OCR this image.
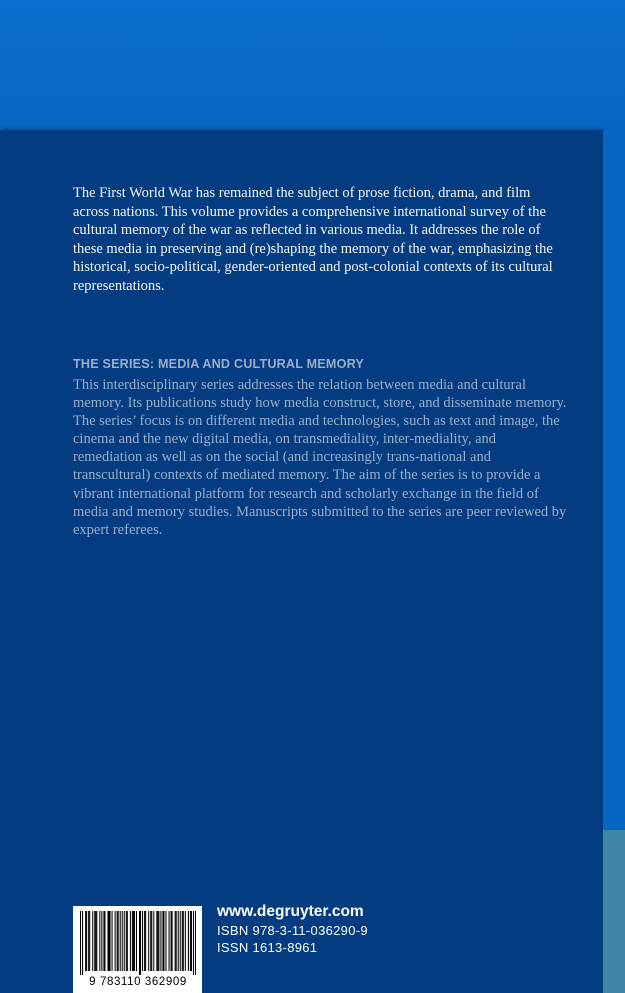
The First World War has remained the subject of prose fiction, drama, and film across nations. This volume provides a comprehensive international survey of the cultural memory of the war as reflected in various media. It addresses the role of these media in preserving and (re)shaping the memory of the war, emphasizing the historical, socio-political, gender-oriented and post-colonial contexts of its cultural representations.

THE SERIES: MEDIA AND CULTURAL MEMORY

This interdisciplinary series addresses the relation between media and cultural memory. Its publications study how media construct, store, and disseminate memory. The series’ focus is on different media and technologies, such as text and image, the cinema and the new digital media, on transmediality, inter-mediality, and remediation as well as on the social (and increasingly trans-national and transcultural) contexts of mediated memory. The aim of the series is to provide a vibrant international platform for research and scholarly exchange in the field of media and memory studies. Manuscripts submitted to the series are peer reviewed by expert referees.

9 783110 362909
www.degruyter.com
ISBN 978-3-11-036290-9
ISSN 1613-8961
